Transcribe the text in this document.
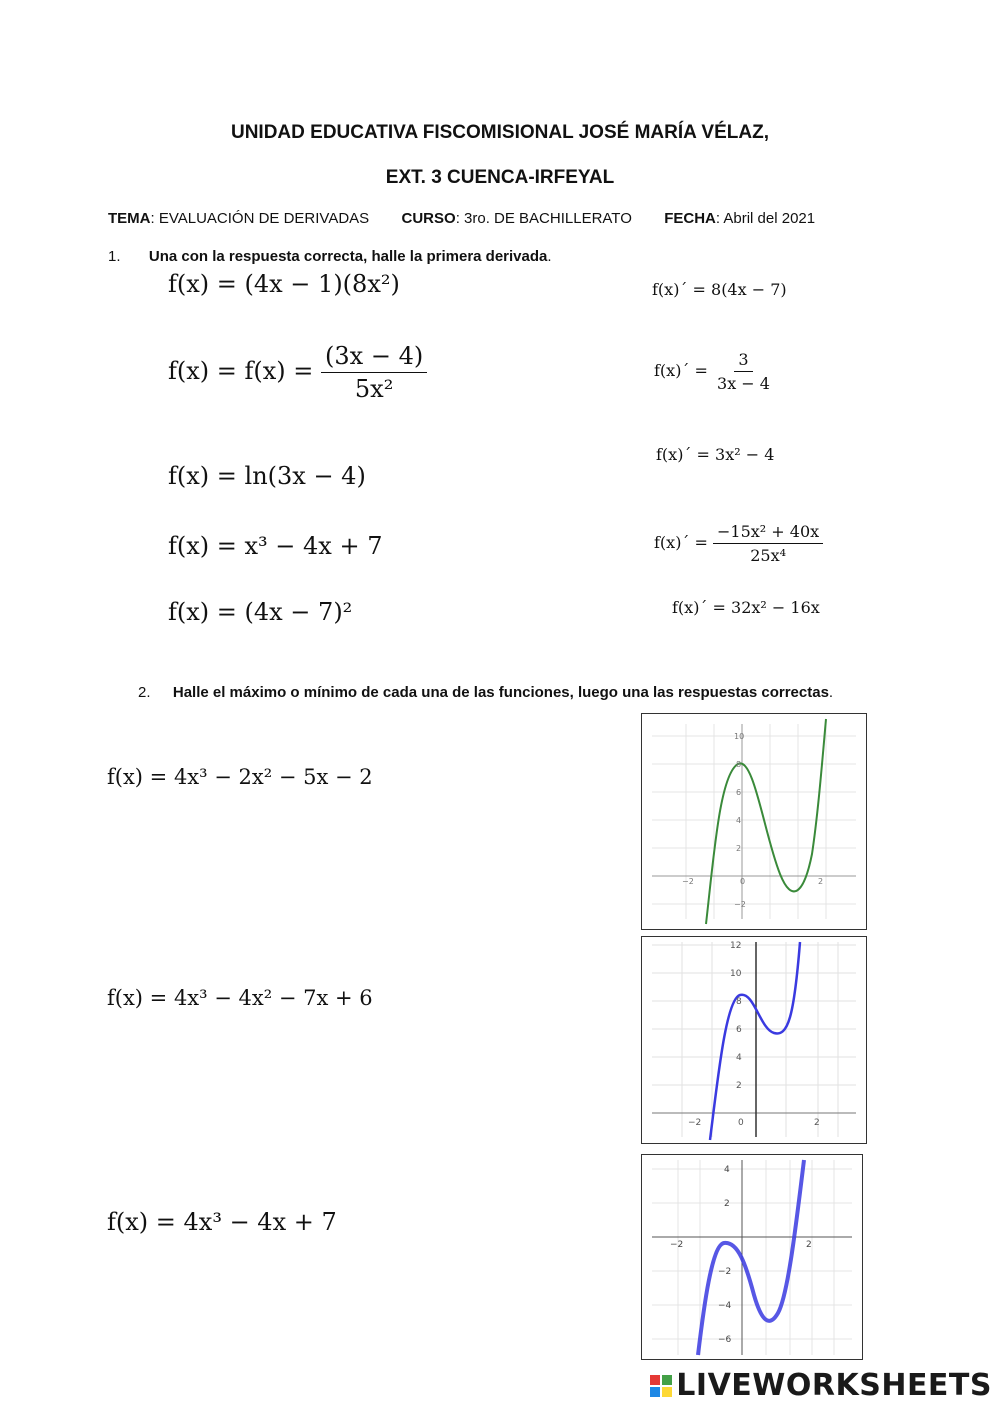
UNIDAD EDUCATIVA FISCOMISIONAL JOSÉ MARÍA VÉLAZ,
EXT. 3 CUENCA-IRFEYAL
TEMA: EVALUACIÓN DE DERIVADAS CURSO: 3ro. DE BACHILLERATO FECHA: Abril del 2021
1. Una con la respuesta correcta, halle la primera derivada.
f(x) = (4x − 1)(8x²)
$f(x) = f(x) = \frac{(3x - 4)}{\text{5x²}}$
f(x) = ln(3x − 4)
f(x) = x³ − 4x + 7
f(x) = (4x − 7)²
f(x)´ = 8(4x − 7)
f(x)´ = $\frac{3}{3x - 4}$
f(x)´ = 3x² − 4
f(x)´ = $\frac{\text{−15x² + 40x}}{\text{25x⁴}}$
f(x)´ = 32x² − 16x
2. Halle el máximo o mínimo de cada una de las funciones, luego una las respuestas correctas.
f(x) = 4x³ − 2x² − 5x − 2
f(x) = 4x³ − 4x² − 7x + 6
f(x) = 4x³ − 4x + 7
−2	0	2
10
8
6
4
2
−2
−2	0	2
12
10
8
6
4
2
−2	2
4
2
−2
−4
−6
LIVEWORKSHEETS
